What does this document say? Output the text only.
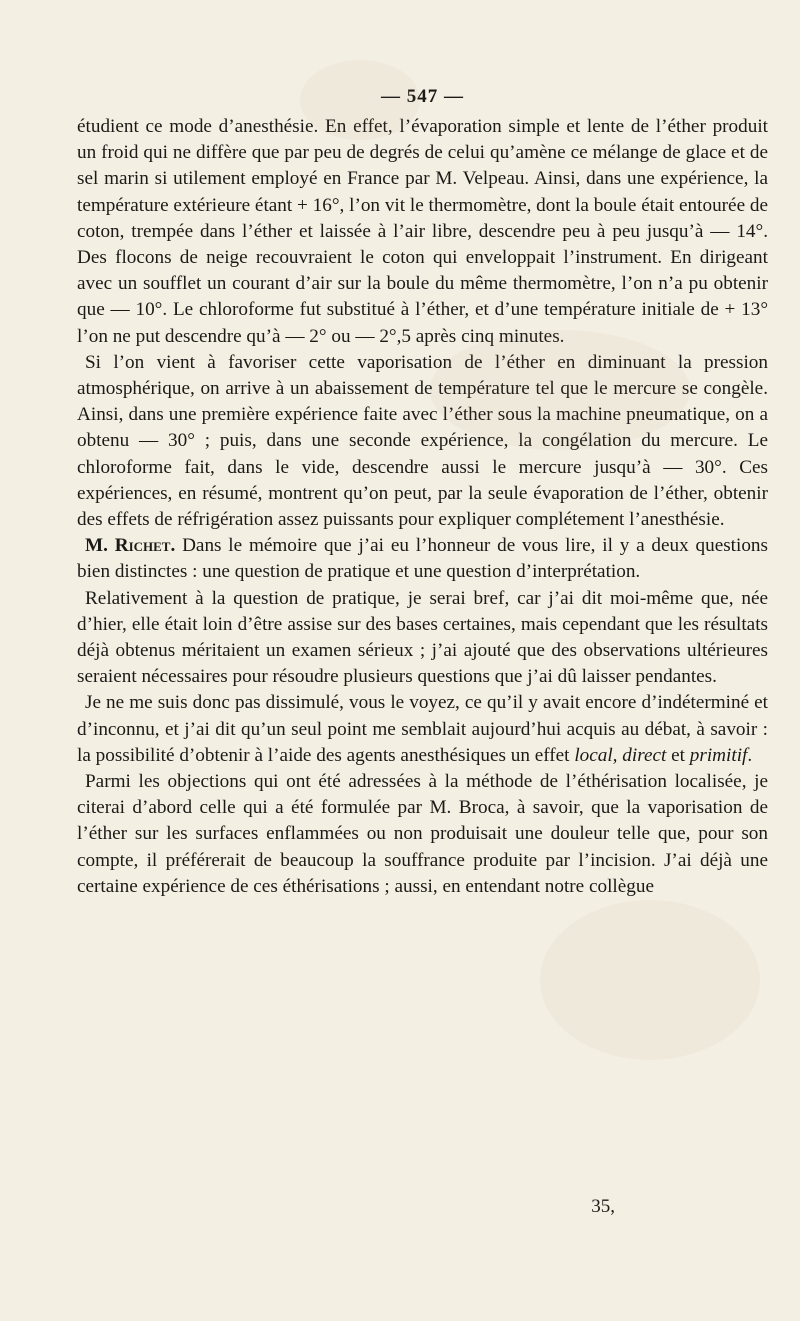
— 547 —

étudient ce mode d’anesthésie. En effet, l’évaporation simple et lente de l’éther produit un froid qui ne diffère que par peu de degrés de celui qu’amène ce mélange de glace et de sel marin si utilement employé en France par M. Velpeau. Ainsi, dans une expérience, la température extérieure étant + 16°, l’on vit le thermomètre, dont la boule était entourée de coton, trempée dans l’éther et laissée à l’air libre, descendre peu à peu jusqu’à — 14°. Des flocons de neige recouvraient le coton qui enveloppait l’instrument. En dirigeant avec un soufflet un courant d’air sur la boule du même thermomètre, l’on n’a pu obtenir que — 10°. Le chloroforme fut substitué à l’éther, et d’une température initiale de + 13° l’on ne put descendre qu’à — 2° ou — 2°,5 après cinq minutes.

Si l’on vient à favoriser cette vaporisation de l’éther en diminuant la pression atmosphérique, on arrive à un abaissement de température tel que le mercure se congèle. Ainsi, dans une première expérience faite avec l’éther sous la machine pneumatique, on a obtenu — 30° ; puis, dans une seconde expérience, la congélation du mercure. Le chloroforme fait, dans le vide, descendre aussi le mercure jusqu’à — 30°. Ces expériences, en résumé, montrent qu’on peut, par la seule évaporation de l’éther, obtenir des effets de réfrigération assez puissants pour expliquer complétement l’anesthésie.

M. Richet. Dans le mémoire que j’ai eu l’honneur de vous lire, il y a deux questions bien distinctes : une question de pratique et une question d’interprétation.

Relativement à la question de pratique, je serai bref, car j’ai dit moi-même que, née d’hier, elle était loin d’être assise sur des bases certaines, mais cependant que les résultats déjà obtenus méritaient un examen sérieux ; j’ai ajouté que des observations ultérieures seraient nécessaires pour résoudre plusieurs questions que j’ai dû laisser pendantes.

Je ne me suis donc pas dissimulé, vous le voyez, ce qu’il y avait encore d’indéterminé et d’inconnu, et j’ai dit qu’un seul point me semblait aujourd’hui acquis au débat, à savoir : la possibilité d’obtenir à l’aide des agents anesthésiques un effet local, direct et primitif.

Parmi les objections qui ont été adressées à la méthode de l’éthérisation localisée, je citerai d’abord celle qui a été formulée par M. Broca, à savoir, que la vaporisation de l’éther sur les surfaces enflammées ou non produisait une douleur telle que, pour son compte, il préférerait de beaucoup la souffrance produite par l’incision. J’ai déjà une certaine expérience de ces éthérisations ; aussi, en entendant notre collègue

35,
